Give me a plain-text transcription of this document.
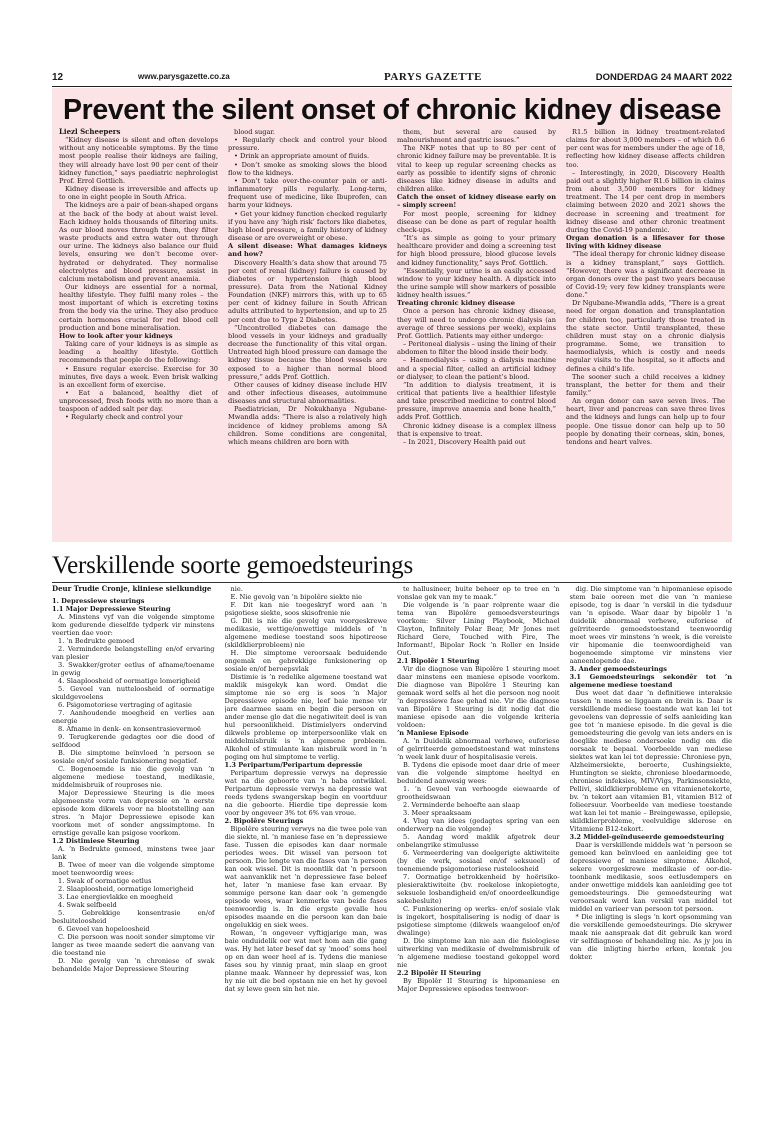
12	www.parysgazette.co.za	PARYS GAZETTE	DONDERDAG 24 MAART 2022
Prevent the silent onset of chronic kidney disease
Liezl Scheepers
“Kidney disease is silent and often develops without any noticeable symptoms. By the time most people realise their kidneys are failing, they will already have lost 90 per cent of their kidney function,” says paediatric nephrologist Prof. Errol Gottlich.
Kidney disease is irreversible and affects up to one in eight people in South Africa.
The kidneys are a pair of bean-shaped organs at the back of the body at about waist level. Each kidney holds thousands of filtering units. As our blood moves through them, they filter waste products and extra water out through our urine. The kidneys also balance our fluid levels, ensuring we don’t become over-hydrated or dehydrated. They normalise electrolytes and blood pressure, assist in calcium metabolism and prevent anaemia.
Our kidneys are essential for a normal, healthy lifestyle. They fulfil many roles – the most important of which is excreting toxins from the body via the urine. They also produce certain hormones crucial for red blood cell production and bone mineralisation.
How to look after your kidneys
Taking care of your kidneys is as simple as leading a healthy lifestyle. Gottlich recommends that people do the following:
• Ensure regular exercise. Exercise for 30 minutes, five days a week. Even brisk walking is an excellent form of exercise.
• Eat a balanced, healthy diet of unprocessed, fresh foods with no more than a teaspoon of added salt per day.
• Regularly check and control your
blood sugar.
• Regularly check and control your blood pressure.
• Drink an appropriate amount of fluids.
• Don’t smoke as smoking slows the blood flow to the kidneys.
• Don’t take over-the-counter pain or anti-inflammatory pills regularly. Long-term, frequent use of medicine, like Ibuprofen, can harm your kidneys.
• Get your kidney function checked regularly if you have any ‘high risk’ factors like diabetes, high blood pressure, a family history of kidney disease or are overweight or obese.
A silent disease: What damages kidneys and how?
Discovery Health’s data show that around 75 per cent of renal (kidney) failure is caused by diabetes or hypertension (high blood pressure). Data from the National Kidney Foundation (NKF) mirrors this, with up to 65 per cent of kidney failure in South African adults attributed to hypertension, and up to 25 per cent due to Type 2 Diabetes.
“Uncontrolled diabetes can damage the blood vessels in your kidneys and gradually decrease the functionality of this vital organ. Untreated high blood pressure can damage the kidney tissue because the blood vessels are exposed to a higher than normal blood pressure,” adds Prof. Gottlich.
Other causes of kidney disease include HIV and other infectious diseases, autoimmune diseases and structural abnormalities.
Paediatrician, Dr Nokukhanya Ngubane-Mwandla adds: “There is also a relatively high incidence of kidney problems among SA children. Some conditions are congenital, which means children are born with
them, but several are caused by malnourishment and gastric issues.”
The NKF notes that up to 80 per cent of chronic kidney failure may be preventable. It is vital to keep up regular screening checks as early as possible to identify signs of chronic diseases like kidney disease in adults and children alike.
Catch the onset of kidney disease early on – simply screen!
For most people, screening for kidney disease can be done as part of regular health check-ups.
“It’s as simple as going to your primary healthcare provider and doing a screening test for high blood pressure, blood glucose levels and kidney functionality,” says Prof. Gottlich.
“Essentially, your urine is an easily accessed window to your kidney health. A dipstick into the urine sample will show markers of possible kidney health issues.”
Treating chronic kidney disease
Once a person has chronic kidney disease, they will need to undergo chronic dialysis (an average of three sessions per week), explains Prof. Gottlich. Patients may either undergo:
– Peritoneal dialysis – using the lining of their abdomen to filter the blood inside their body.
– Haemodialysis – using a dialysis machine and a special filter, called an artificial kidney or dialyser, to clean the patient’s blood.
“In addition to dialysis treatment, it is critical that patients live a healthier lifestyle and take prescribed medicine to control blood pressure, improve anaemia and bone health,” adds Prof. Gottlich.
Chronic kidney disease is a complex illness that is expensive to treat.
– In 2021, Discovery Health paid out
R1.5 billion in kidney treatment-related claims for about 3,000 members – of which 0.6 per cent was for members under the age of 18, reflecting how kidney disease affects children too.
– Interestingly, in 2020, Discovery Health paid out a slightly higher R1.6 billion in claims from about 3,500 members for kidney treatment. The 14 per cent drop in members claiming between 2020 and 2021 shows the decrease in screening and treatment for kidney disease and other chronic treatment during the Covid-19 pandemic.
Organ donation is a lifesaver for those living with kidney disease
“The ideal therapy for chronic kidney disease is a kidney transplant,” says Gottlich. “However, there was a significant decrease in organ donors over the past two years because of Covid-19; very few kidney transplants were done.”
Dr Ngubane-Mwandla adds, “There is a great need for organ donation and transplantation for children too, particularly those treated in the state sector. Until transplanted, these children must stay on a chronic dialysis programme. Some, we transition to haemodialysis, which is costly and needs regular visits to the hospital, so it affects and defines a child’s life.
The sooner such a child receives a kidney transplant, the better for them and their family.”
An organ donor can save seven lives. The heart, liver and pancreas can save three lives and the kidneys and lungs can help up to four people. One tissue donor can help up to 50 people by donating their corneas, skin, bones, tendons and heart valves.
Verskillende soorte gemoedsteurings
Deur Trudie Cronje, kliniese sielkundige
1. Depressiewe steurings
1.1 Major Depressiewe Steuring
A. Minstens vyf van die volgende simptome kom gedurende dieselfde tydperk vir minstens veertien dae voor:
1. ’n Bedrukte gemoed
2. Verminderde belangstelling en/of ervaring van plesier
3. Swakker/groter eetlus of afname/toename in gewig
4. Slaaploosheid of oormatige lomerigheid
5. Gevoel van nutteloosheid of oormatige skuldgevoelens
6. Psigomotoriese vertraging of agitasie
7. Aanhoudende moegheid en verlies aan energie
8. Afname in denk- en konsentrasievermoë
9. Terugkerende gedagtes oor die dood of selfdood
B. Die simptome beïnvloed ’n persoon se sosiale en/of sosiale funksionering negatief.
C. Bogenoemde is nie die gevolg van ’n algemene mediese toestand, medikasie, middelmisbruik of rouproses nie.
Major Depressiewe Steuring is die mees algemeenste vorm van depressie en ’n eerste episode kom dikwels voor na blootstelling aan stres. ’n Major Depressiewe episode kan voorkom met of sonder angssimptome. In ernstige gevalle kan psigose voorkom.
1.2 Distimiese Steuring
A. ’n Bedrukte gemoed, minstens twee jaar lank
B. Twee of meer van die volgende simptome moet teenwoordig wees:
1. Swak of oormatige eetlus
2. Slaaploosheid, oormatige lomerigheid
3. Lae energievlakke en moegheid
4. Swak selfbeeld
5. Gebrekkige konsentrasie en/of besluiteloosheid
6. Gevoel van hopeloosheid
C. Die persoon was nooit sonder simptome vir langer as twee maande sedert die aanvang van die toestand nie
D. Nie gevolg van ’n chroniese of swak behandelde Major Depressiewe Steuring
nie.
E. Nie gevolg van ’n bipolêre siekte nie
F. Dit kan nie toegeskryf word aan ’n psigotiese siekte, soos skisofrenie nie
G. Dit is nie die gevolg van voorgeskrewe medikasie, wettige/onwettige middels of ’n algemene mediese toestand soos hipotireose (skildklierprobleem) nie
H. Die simptome veroorsaak beduidende ongemak en gebrekkige funksionering op sosiale en/of beroepsvlak
Distimie is ’n redelike algemene toestand wat maklik misgekyk kan word. Omdat die simptome nie so erg is soos ’n Major Depressiewe episode nie, leef baie mense vir jare daarmee saam en begin die persoon en ander mense glo dat die negatiwiteit deel is van hul persoonlikheid. Distimielyers ondervind dikwels probleme op interpersoonlike vlak en middelmisbruik is ’n algemene probleem. Alkohol of stimulante kan misbruik word in ’n poging om hul simptome te verlig.
1.3 Peripartum/Peripartum depressie
Peripartum depressie verwys na depressie wat na die geboorte van ’n baba ontwikkel. Peripartum depressie verwys na depressie wat reeds tydens swangerskap begin en voortduur na die geboorte. Hierdie tipe depressie kom voor by ongeveer 3% tot 6% van vroue.
2. Bipolêre Steurings
Bipolêre steuring verwys na die twee pole van die siekte, nl. ’n maniese fase en ’n depressiewe fase. Tussen die episodes kan daar normale periodes wees. Dit wissel van persoon tot persoon. Die lengte van die fases van ’n persoon kan ook wissel. Dit is moontlik dat ’n persoon wat aanvanklik net ’n depressiewe fase beleef het, later ’n maniese fase kan ervaar. By sommige persone kan daar ook ’n gemengde episode wees, waar kenmerke van beide fases teenwoordig is. In die ergste gevalle hou episodes maande en die persoon kan dan baie ongelukkig en siek wees.
Rowan, ’n ongeveer vyftigjarige man, was baie onduidelik oor wat met hom aan die gang was. Hy het later besef dat sy ‘mood’ soms heel op en dan weer heel af is. Tydens die maniese fases sou hy vinnig praat, min slaap en groot planne maak. Wanneer hy depressief was, kon hy nie uit die bed opstaan nie en het hy gevoel dat sy lewe geen sin het nie.
te hallusineer, buite beheer op te tree en ’n vonslae gek van my te maak.”
Die volgende is ’n paar rolprente waar die tema van Bipolêre gemoedsversteurings voorkom: Silver Lining Playbook, Michael Clayton, Infinitely Polar Bear, Mr Jones met Richard Gere, Touched with Fire, The Informant!, Bipolar Rock ’n Roller en Inside Out.
2.1 Bipolêr 1 Steuring
Vir die diagnose van Bipolêre 1 steuring moet daar minstens een maniese episode voorkom. Die diagnose van Bipolêre 1 Steuring kan gemaak word selfs al het die persoon nog nooit ’n depressiewe fase gehad nie. Vir die diagnose van Bipolêre 1 Steuring is dit nodig dat die maniese episode aan die volgende kriteria voldoen:
’n Maniese Episode
A. ’n Duidelik abnormaal verhewe, euforiese of geïrriteerde gemoedstoestand wat minstens ’n week lank duur of hospitalisasie vereis.
B. Tydens die episode moet daar drie of meer van die volgende simptome heeltyd en beduidend aanwesig wees:
1. ’n Gevoel van verhoogde eiewaarde of grootheidswaan
2. Verminderde behoefte aan slaap
3. Meer spraaksaam
4. Vlug van idees (gedagtes spring van een onderwerp na die volgende)
5. Aandag word maklik afgetrek deur onbelangrike stimulusse
6. Vermeerdering van doelgerigte aktiwiteite (by die werk, sosiaal en/of seksueel) of toenemende psigomotoriese rusteloosheid
7. Oormatige betrokkenheid by hoërisiko-plesieraktiwiteite (bv. roekelose inkopietogte, seksuele losbandigheid en/of onoordeelkundige sakebesluite)
C. Funksionering op werks- en/of sosiale vlak is ingekort, hospitalisering is nodig of daar is psigotiese simptome (dikwels waangeloof en/of dwalinge)
D. Die simptome kan nie aan die fisiologiese uitwerking van medikasie of dwelmmisbruik of ’n algemene mediese toestand gekoppel word nie
2.2 Bipolêr II Steuring
By Bipolêr II Steuring is hipomaniese en Major Depressiewe episodes teenwoor-
dig. Die simptome van ’n hipomaniese episode stem baie ooreen met die van ’n maniese episode, tog is daar ’n verskil in die tydsduur van ’n episode. Waar daar by bipolêr 1 ’n duidelik abnormaal verhewe, euforiese of geïrriteerde gemoedstoestand teenwoordig moet wees vir minstens ’n week, is die vereiste vir hipomanie die teenwoordigheid van bogenoemde simptome vir minstens vier aaneenlopende dae.
3. Ander gemoedsteurings
3.1 Gemoedsteurings sekondêr tot ’n algemene mediese toestand
Dus weet dat daar ’n definitiewe interaksie tussen ’n mens se liggaam en brein is. Daar is verskillende mediese toestande wat kan lei tot gevoelens van depressie of selfs aanleiding kan gee tot ’n maniese episode. In die geval is die gemoedsteuring die gevolg van iets anders en is doeglike mediese ondersoeke nodig om die oorsaak te bepaal. Voorbeelde van mediese siektes wat kan lei tot depressie: Chroniese pyn, Alzheimersiekte, beroerte, Cushingsiekte, Huntington se siekte, chroniese bloedarmoede, chroniese infeksies, MIV/Vigs, Parkinsonsiekte, Pellivi, skildklierprobleme en vitamienetekorte, bv. ’n tekort aan vitamien B1, vitamien B12 of folieersuur. Voorbeelde van mediese toestande wat kan lei tot manie – Breingewasse, epilepsie, skildklierprobleme, veelvuldige sklerose en Vitamiene B12-tekort.
3.2 Middel-geïnduseerde gemoedsteuring
Daar is verskillende middels wat ’n persoon se gemoed kan beïnvloed en aanleiding gee tot depressiewe of maniese simptome. Alkohol, sekere voorgeskrewe medikasie of oor-die-toonbank medikasie, soos eetlusdempers en ander onwettige middels kan aanleiding gee tot gemoedsteurings. Die gemoedsteuring wat veroorsaak word kan verskil van middel tot middel en varieer van persoon tot persoon.
* Die inligting is slegs ’n kort opsomming van die verskillende gemoedsteurings. Die skrywer maak nie aanspraak dat dit gebruik kan word vir selfdiagnose of behandeling nie. As jy jou in van die inligting hierbo erken, kontak jou dokter.
